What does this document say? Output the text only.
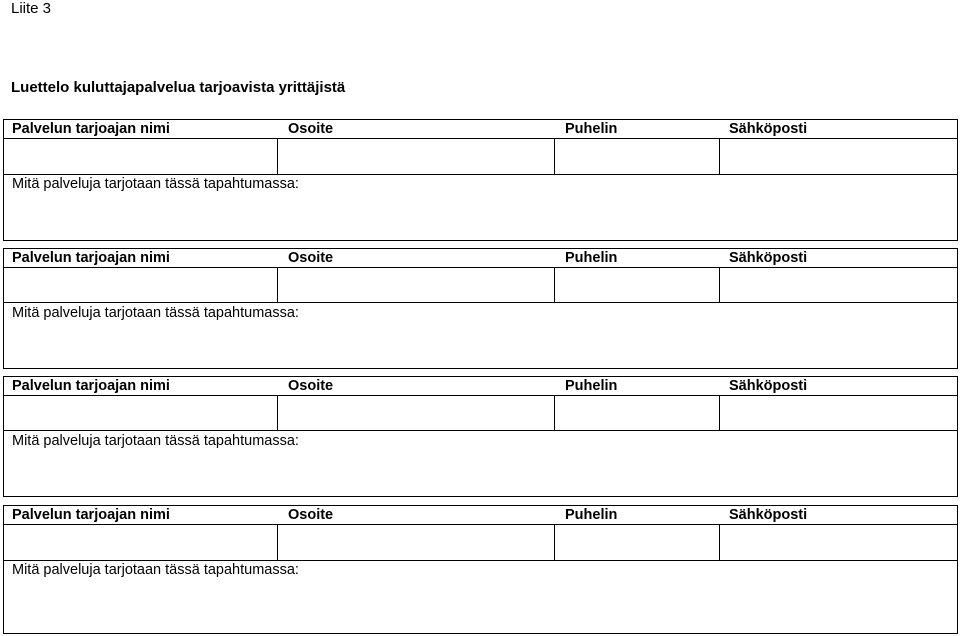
Liite 3
Luettelo kuluttajapalvelua tarjoavista yrittäjistä
Palvelun tarjoajan nimi	Osoite	Puhelin	Sähköposti
Mitä palveluja tarjotaan tässä tapahtumassa:
Palvelun tarjoajan nimi	Osoite	Puhelin	Sähköposti
Mitä palveluja tarjotaan tässä tapahtumassa:
Palvelun tarjoajan nimi	Osoite	Puhelin	Sähköposti
Mitä palveluja tarjotaan tässä tapahtumassa:
Palvelun tarjoajan nimi	Osoite	Puhelin	Sähköposti
Mitä palveluja tarjotaan tässä tapahtumassa:
